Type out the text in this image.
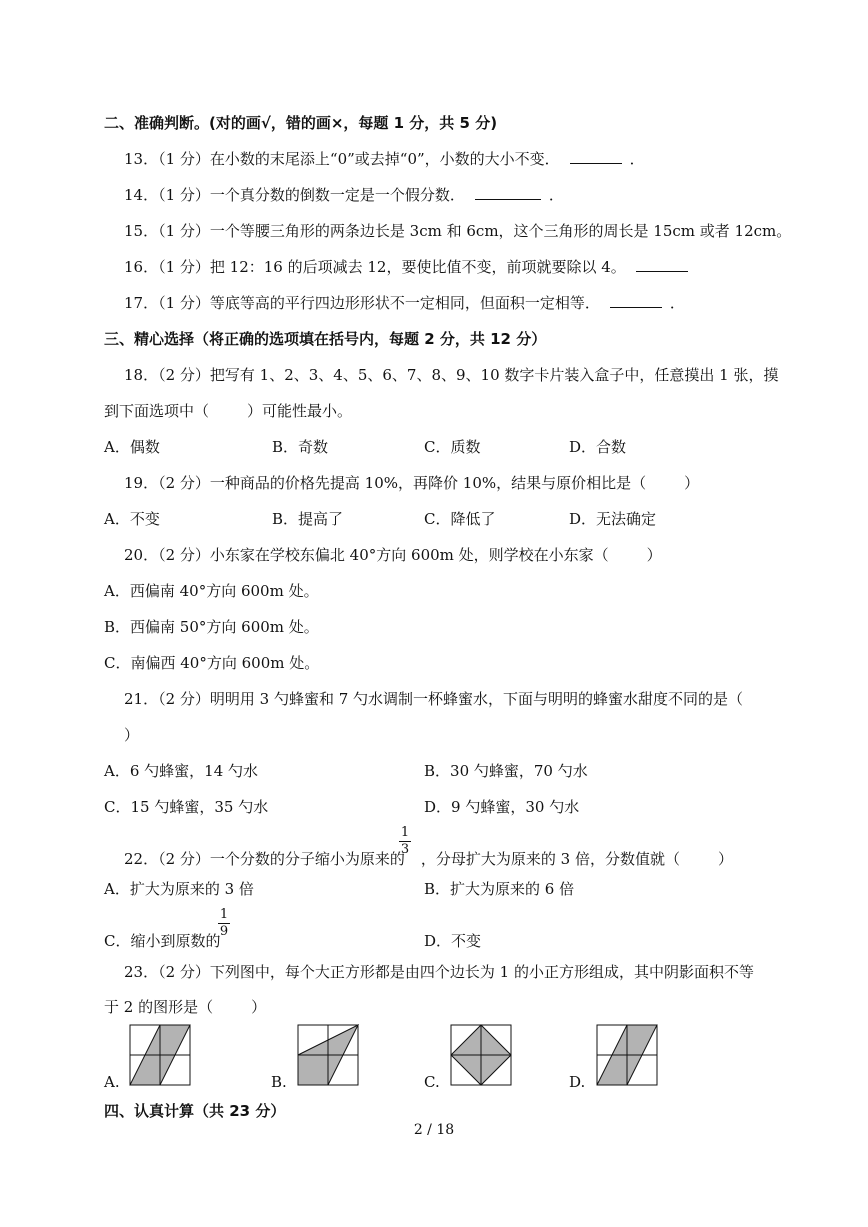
二、准确判断。(对的画√，错的画×，每题 1 分，共 5 分)
13．（1 分）在小数的末尾添上“0”或去掉“0”，小数的大小不变．	．
14．（1 分）一个真分数的倒数一定是一个假分数．	．
15．（1 分）一个等腰三角形的两条边长是 3cm 和 6cm，这个三角形的周长是 15cm 或者 12cm。
16．（1 分）把 12：16 的后项减去 12，要使比值不变，前项就要除以 4。
17．（1 分）等底等高的平行四边形形状不一定相同，但面积一定相等．	．
三、精心选择（将正确的选项填在括号内，每题 2 分，共 12 分）
18．（2 分）把写有 1、2、3、4、5、6、7、8、9、10 数字卡片装入盒子中，任意摸出 1 张，摸
到下面选项中（	）可能性最小。
A．偶数	B．奇数	C．质数	D．合数
19．（2 分）一种商品的价格先提高 10%，再降价 10%，结果与原价相比是（	）
A．不变	B．提高了	C．降低了	D．无法确定
20．（2 分）小东家在学校东偏北 40°方向 600m 处，则学校在小东家（	）
A．西偏南 40°方向 600m 处。
B．西偏南 50°方向 600m 处。
C．南偏西 40°方向 600m 处。
21．（2 分）明明用 3 勺蜂蜜和 7 勺水调制一杯蜂蜜水，下面与明明的蜂蜜水甜度不同的是（
）
A．6 勺蜂蜜，14 勺水	B．30 勺蜂蜜，70 勺水
C．15 勺蜂蜜，35 勺水	D．9 勺蜂蜜，30 勺水
22．（2 分）一个分数的分子缩小为原来的 ，分母扩大为原来的 3 倍，分数值就（	）
1
3
A．扩大为原来的 3 倍	B．扩大为原来的 6 倍
C．缩小到原数的
1
9
D．不变
23．（2 分）下列图中，每个大正方形都是由四个边长为 1 的小正方形组成，其中阴影面积不等
于 2 的图形是（	）
A.	B.	C.	D.
四、认真计算（共 23 分）
2 / 18
